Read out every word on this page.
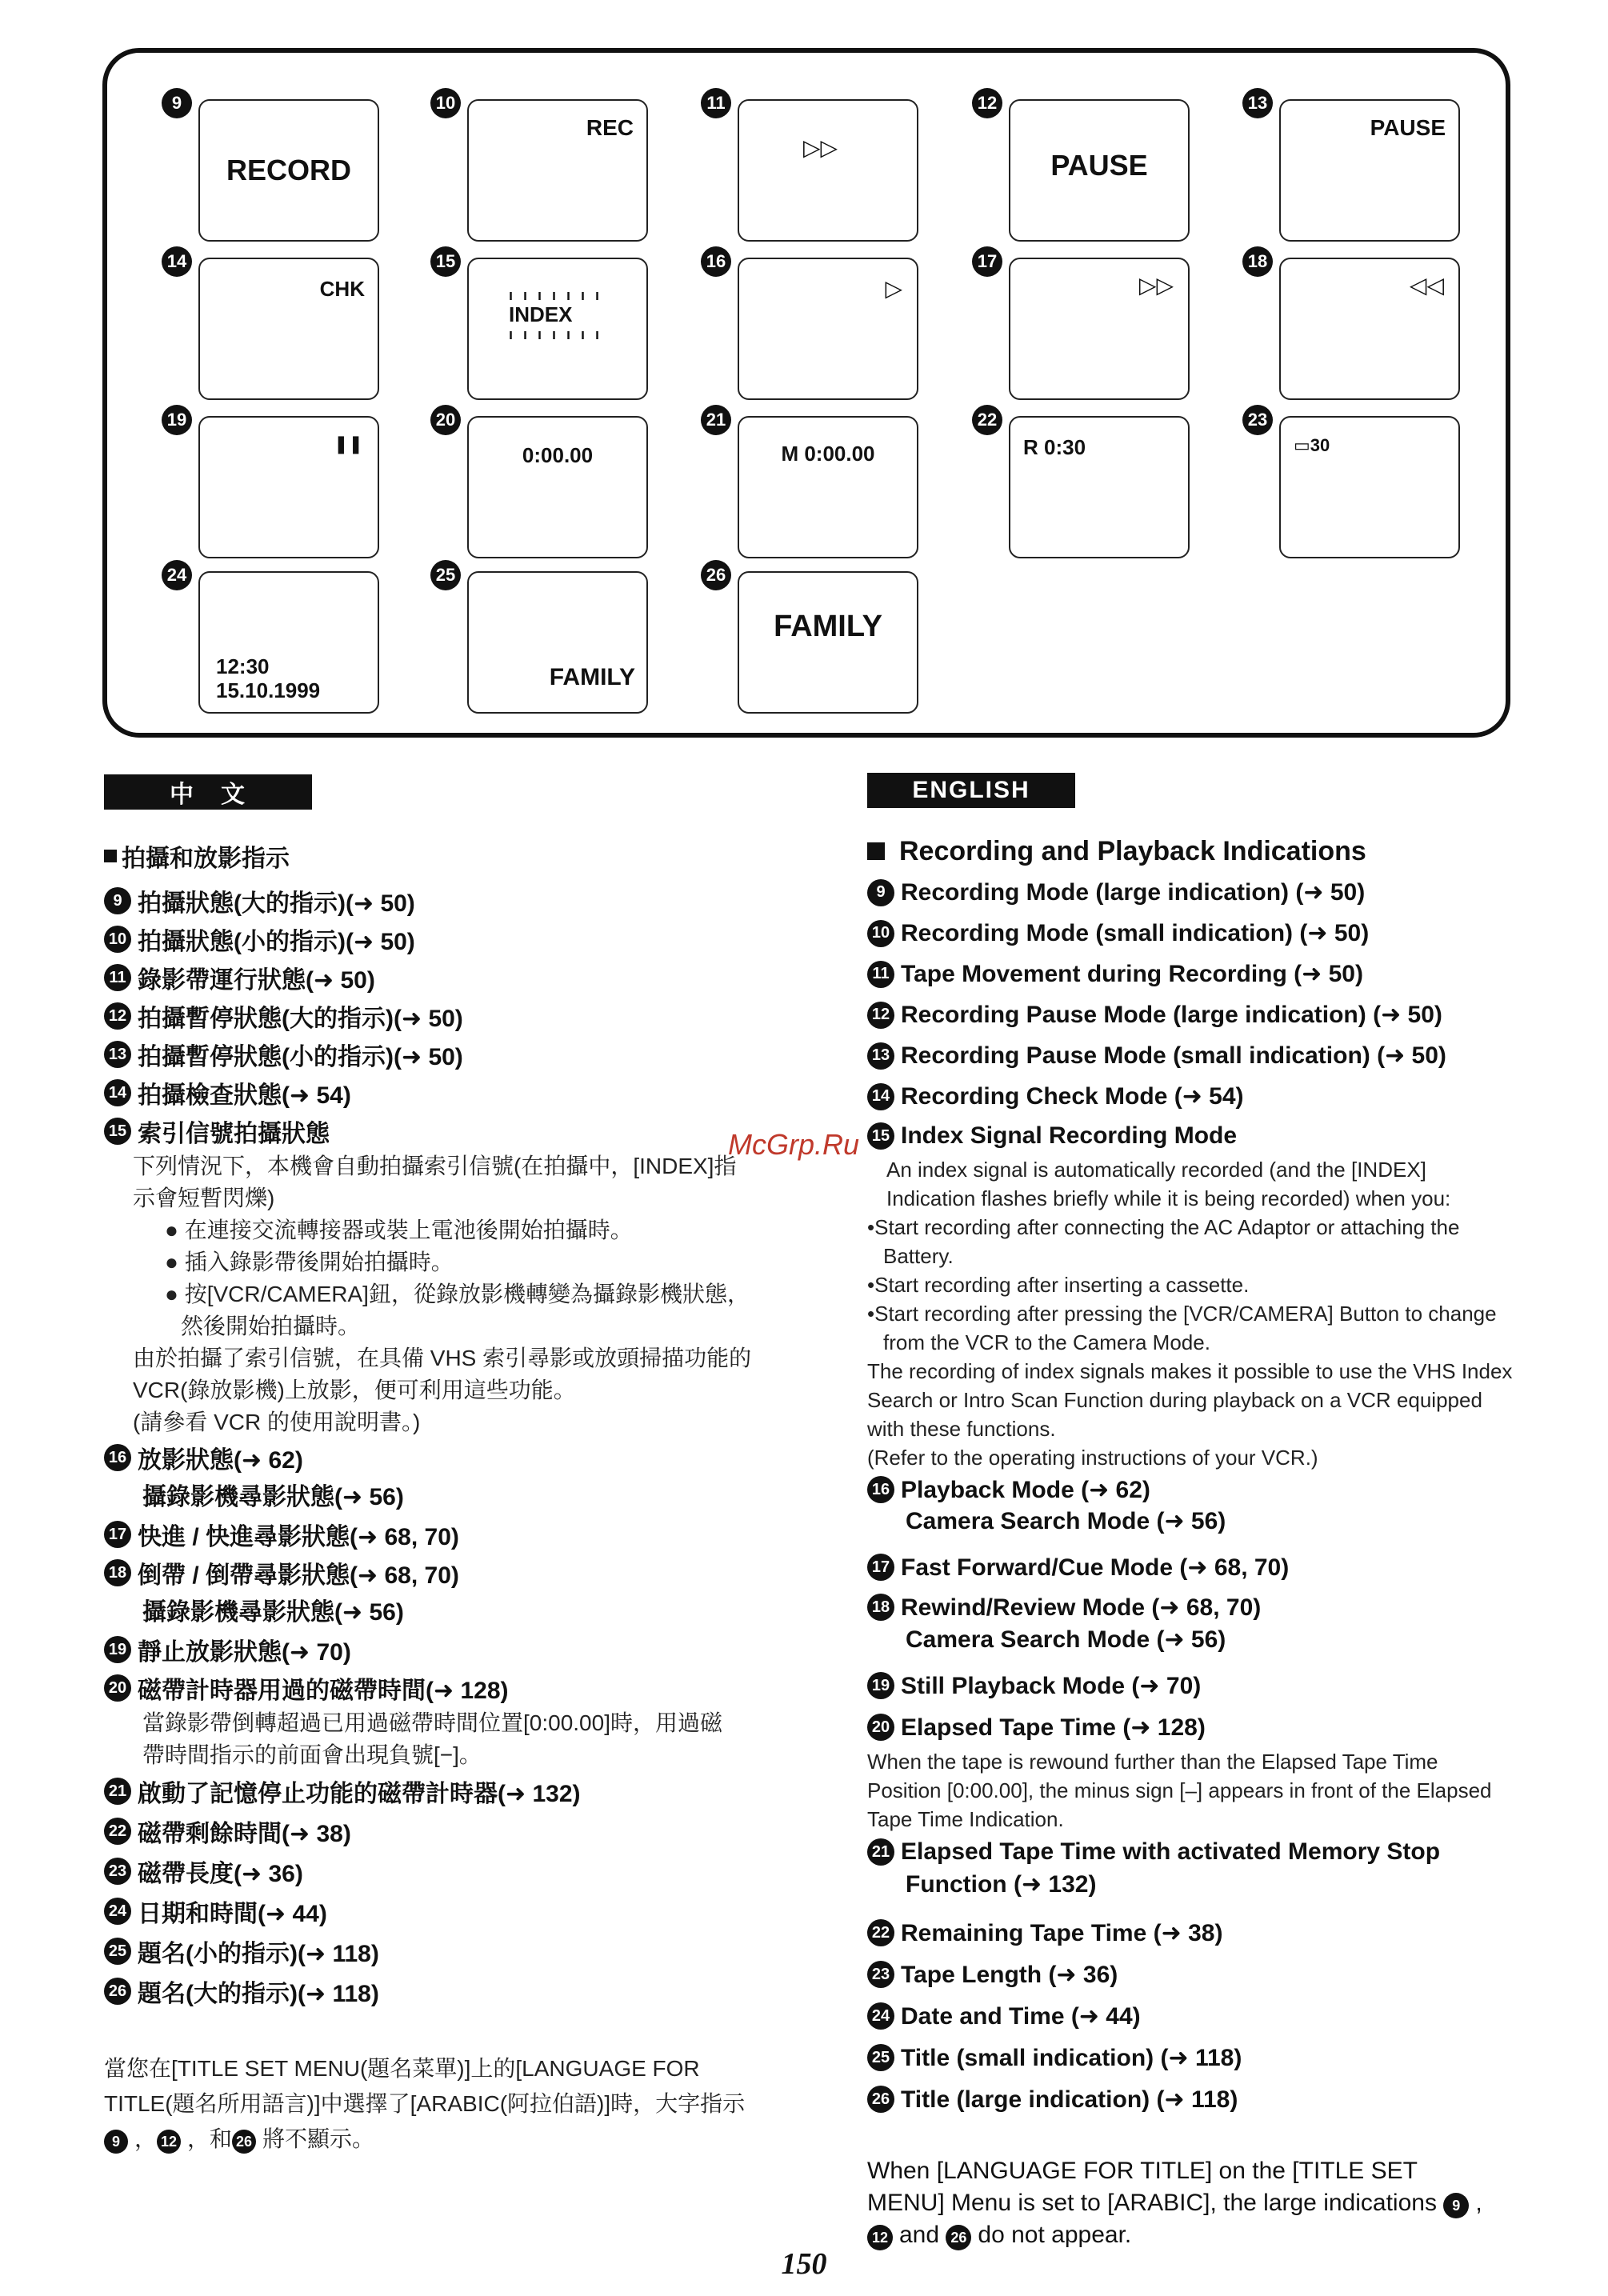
9
RECORD
10
REC
11
▷▷
12
PAUSE
13
PAUSE
14
CHK
15
ı ı ı ı ı ı ı
INDEX
ı ı ı ı ı ı ı
16
▷
17
▷▷
18
◁◁
19
❚❚
20
0:00.00
21
M 0:00.00
22
R 0:30
23
▭30
24
12:30
15.10.1999
25
FAMILY
26
FAMILY
中　文	ENGLISH
拍攝和放影指示
9 拍攝狀態(大的指示)(➜ 50)
10 拍攝狀態(小的指示)(➜ 50)
11 錄影帶運行狀態(➜ 50)
12 拍攝暫停狀態(大的指示)(➜ 50)
13 拍攝暫停狀態(小的指示)(➜ 50)
14 拍攝檢查狀態(➜ 54)
15 索引信號拍攝狀態
下列情況下，本機會自動拍攝索引信號(在拍攝中，[INDEX]指示會短暫閃爍)
● 在連接交流轉接器或裝上電池後開始拍攝時。
● 插入錄影帶後開始拍攝時。
● 按[VCR/CAMERA]鈕，從錄放影機轉變為攝錄影機狀態，然後開始拍攝時。
由於拍攝了索引信號，在具備 VHS 索引尋影或放頭掃描功能的 VCR(錄放影機)上放影，便可利用這些功能。
(請參看 VCR 的使用說明書。)
16 放影狀態(➜ 62)
攝錄影機尋影狀態(➜ 56)
17 快進 / 快進尋影狀態(➜ 68, 70)
18 倒帶 / 倒帶尋影狀態(➜ 68, 70)
攝錄影機尋影狀態(➜ 56)
19 靜止放影狀態(➜ 70)
20 磁帶計時器用過的磁帶時間(➜ 128)
當錄影帶倒轉超過已用過磁帶時間位置[0:00.00]時，用過磁帶時間指示的前面會出現負號[−]。
21 啟動了記憶停止功能的磁帶計時器(➜ 132)
22 磁帶剩餘時間(➜ 38)
23 磁帶長度(➜ 36)
24 日期和時間(➜ 44)
25 題名(小的指示)(➜ 118)
26 題名(大的指示)(➜ 118)
當您在[TITLE SET MENU(題名菜單)]上的[LANGUAGE FOR TITLE(題名所用語言)]中選擇了[ARABIC(阿拉伯語)]時，大字指示 9 ， 12 ，和 26 將不顯示。
Recording and Playback Indications
9 Recording Mode (large indication) (➜ 50)
10 Recording Mode (small indication) (➜ 50)
11 Tape Movement during Recording (➜ 50)
12 Recording Pause Mode (large indication) (➜ 50)
13 Recording Pause Mode (small indication) (➜ 50)
14 Recording Check Mode (➜ 54)
15 Index Signal Recording Mode
An index signal is automatically recorded (and the [INDEX] Indication flashes briefly while it is being recorded) when you:
•Start recording after connecting the AC Adaptor or attaching the Battery.
•Start recording after inserting a cassette.
•Start recording after pressing the [VCR/CAMERA] Button to change from the VCR to the Camera Mode.
The recording of index signals makes it possible to use the VHS Index Search or Intro Scan Function during playback on a VCR equipped with these functions.
(Refer to the operating instructions of your VCR.)
16 Playback Mode (➜ 62)
Camera Search Mode (➜ 56)
17 Fast Forward/Cue Mode (➜ 68, 70)
18 Rewind/Review Mode (➜ 68, 70)
Camera Search Mode (➜ 56)
19 Still Playback Mode (➜ 70)
20 Elapsed Tape Time (➜ 128)
When the tape is rewound further than the Elapsed Tape Time Position [0:00.00], the minus sign [–] appears in front of the Elapsed Tape Time Indication.
21 Elapsed Tape Time with activated Memory Stop
Function (➜ 132)
22 Remaining Tape Time (➜ 38)
23 Tape Length (➜ 36)
24 Date and Time (➜ 44)
25 Title (small indication) (➜ 118)
26 Title (large indication) (➜ 118)
When [LANGUAGE FOR TITLE] on the [TITLE SET MENU] Menu is set to [ARABIC], the large indications 9 , 12 and 26 do not appear.
McGrp.Ru
150
